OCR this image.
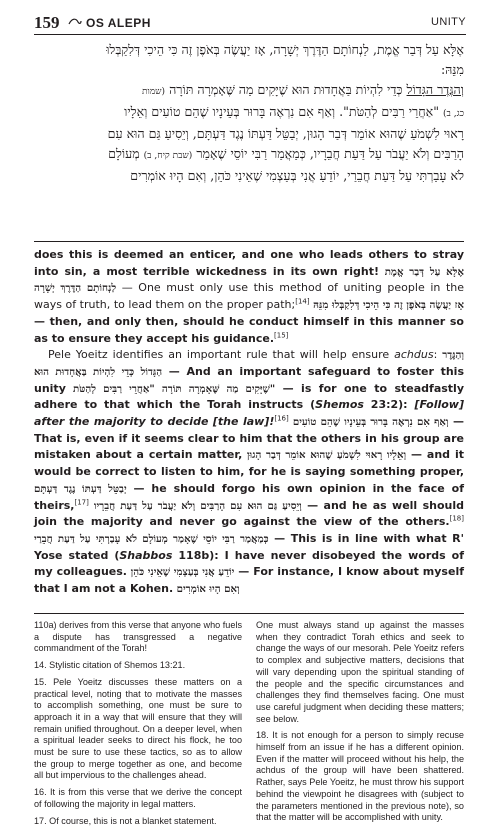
159 OS ALEPH	UNITY
אֶלָּא עַל דְּבַר אֱמֶת, לַנְחוֹתָם הַדֶּרֶךְ יְשָׁרָה, אָז יַעֲשֶׂה בְּאֹפֶן זֶה כִּי הֵיכִי דְּלִקַבְּלוּ
מִנֵּהּ:
וְהַגֶּדֶר הַגָּדוֹל כְּדֵי לִהְיוֹת בַּאֲחָדוּת הוּא שֶׁיָּקִים מַה שֶּׁאָמְרָה תּוֹרָה (שמות
כג, ב) "אַחֲרֵי רַבִּים לְהַטֹּת". וְאַף אִם נִרְאֶה בָּרוּר בְּעֵינָיו שֶׁהֵם טוֹעִים וְאֵלָיו
רָאוּי לִשְׁמֹעַ שֶׁהוּא אוֹמֵר דְּבַר הָגוּן, יְבַטֵּל דַּעְתּוֹ נֶגֶד דַּעְתָּם, וְיֵסִיעַ גַּם הוּא עִם
הָרַבִּים וְלֹא יַעֲבֹר עַל דַּעַת חֲבֵרָיו, כְּמַאֲמַר רַבִּי יוֹסֵי שֶׁאָמַר (שבת קיח, ב) מְעוֹלָם
לֹא עָבַרְתִּי עַל דַּעַת חֲבֵרַי, יוֹדֵעַ אֲנִי בְּעַצְמִי שֶׁאֵינִי כֹּהֵן, וְאִם הָיוּ אוֹמְרִים

does this is deemed an enticer, and one who leads others to stray into sin, a most terrible wickedness in its own right! אֶלָּא עַל דְּבַר אֱמֶת לַנְחוֹתָם הַדֶּרֶךְ יְשָׁרָה — One must only use this method of uniting people in the ways of truth, to lead them on the proper path;[14] אָז יַעֲשֶׂה בְּאֹפֶן זֶה כִּי הֵיכִי דְּלִקַבְּלוּ מִנֵּהּ — then, and only then, should he conduct himself in this manner so as to ensure they accept his guidance.[15]

Pele Yoeitz identifies an important rule that will help ensure achdus: וְהַגֶּדֶר הַגָּדוֹל כְּדֵי לִהְיוֹת בַּאֲחָדוּת הוּא — And an important safeguard to foster this unity שֶׁיָּקִים מַה שֶּׁאָמְרָה תּוֹרָה "אַחֲרֵי רַבִּים לְהַטֹּת" — is for one to steadfastly adhere to that which the Torah instructs (Shemos 23:2): [Follow] after the majority to decide [the law]![16] וְאַף אִם נִרְאֶה בָּרוּר בְּעֵינָיו שֶׁהֵם טוֹעִים — That is, even if it seems clear to him that the others in his group are mistaken about a certain matter, וְאֵלָיו רָאוּי לִשְׁמֹעַ שֶׁהוּא אוֹמֵר דְּבַר הָגוּן — and it would be correct to listen to him, for he is saying something proper, יְבַטֵּל דַּעְתּוֹ נֶגֶד דַּעְתָּם — he should forgo his own opinion in the face of theirs,[17] וְיֵסִיעַ גַּם הוּא עִם הָרַבִּים וְלֹא יַעֲבֹר עַל דַּעַת חֲבֵרָיו — and he as well should join the majority and never go against the view of the others.[18] כְּמַאֲמַר רַבִּי יוֹסֵי שֶׁאָמַר מְעוֹלָם לֹא עָבַרְתִּי עַל דַּעַת חֲבֵרַי	— This is in line with what R' Yose stated (Shabbos 118b): I have never disobeyed the words of my colleagues. יוֹדֵעַ אֲנִי בְּעַצְמִי שֶׁאֵינִי כֹּהֵן — For instance, I know about myself that I am not a Kohen. וְאִם הָיוּ אוֹמְרִים

110a) derives from this verse that anyone who fuels a dispute has transgressed a negative commandment of the Torah!

14. Stylistic citation of Shemos 13:21.

15. Pele Yoeitz discusses these matters on a practical level, noting that to motivate the masses to accomplish something, one must be sure to approach it in a way that will ensure that they will remain unified throughout. On a deeper level, when a spiritual leader seeks to direct his flock, he too must be sure to use these tactics, so as to allow the group to merge together as one, and become all but impervious to the challenges ahead.

16. It is from this verse that we derive the concept of following the majority in legal matters.

17. Of course, this is not a blanket statement.

One must always stand up against the masses when they contradict Torah ethics and seek to change the ways of our mesorah. Pele Yoeitz refers to complex and subjective matters, decisions that will vary depending upon the spiritual standing of the people and the specific circumstances and challenges they find themselves facing. One must use careful judgment when deciding these matters; see below.

18. It is not enough for a person to simply recuse himself from an issue if he has a different opinion. Even if the matter will proceed without his help, the achdus of the group will have been shattered. Rather, says Pele Yoeitz, he must throw his support behind the viewpoint he disagrees with (subject to the parameters mentioned in the previous note), so that the matter will be accomplished with unity.
